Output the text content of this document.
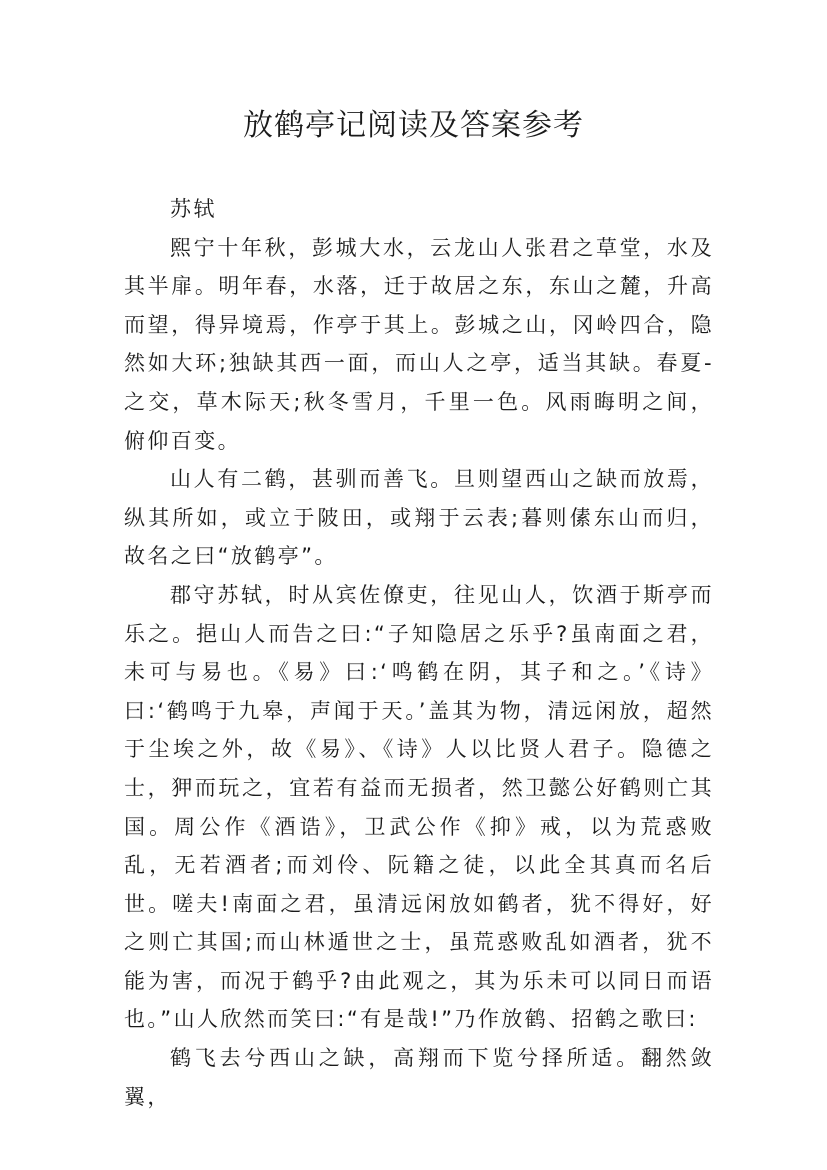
放鹤亭记阅读及答案参考

苏轼

熙宁十年秋，彭城大水，云龙山人张君之草堂，水及其半扉。明年春，水落，迁于故居之东，东山之麓，升高而望，得异境焉，作亭于其上。彭城之山，冈岭四合，隐然如大环;独缺其西一面，而山人之亭，适当其缺。春夏-之交，草木际天;秋冬雪月，千里一色。风雨晦明之间，俯仰百变。

山人有二鹤，甚驯而善飞。旦则望西山之缺而放焉，纵其所如，或立于陂田，或翔于云表;暮则傃东山而归，故名之曰“放鹤亭”。

郡守苏轼，时从宾佐僚吏，往见山人，饮酒于斯亭而乐之。挹山人而告之曰:“子知隐居之乐乎?虽南面之君，未可与易也。《易》曰:‘鸣鹤在阴，其子和之。’《诗》曰:‘鹤鸣于九皋，声闻于天。’盖其为物，清远闲放，超然于尘埃之外，故《易》、《诗》人以比贤人君子。隐德之士，狎而玩之，宜若有益而无损者，然卫懿公好鹤则亡其国。周公作《酒诰》，卫武公作《抑》戒，以为荒惑败乱，无若酒者;而刘伶、阮籍之徒，以此全其真而名后世。嗟夫!南面之君，虽清远闲放如鹤者，犹不得好，好之则亡其国;而山林遁世之士，虽荒惑败乱如酒者，犹不能为害，而况于鹤乎?由此观之，其为乐未可以同日而语也。”山人欣然而笑曰:“有是哉!”乃作放鹤、招鹤之歌曰:

鹤飞去兮西山之缺，高翔而下览兮择所适。翻然敛翼，
